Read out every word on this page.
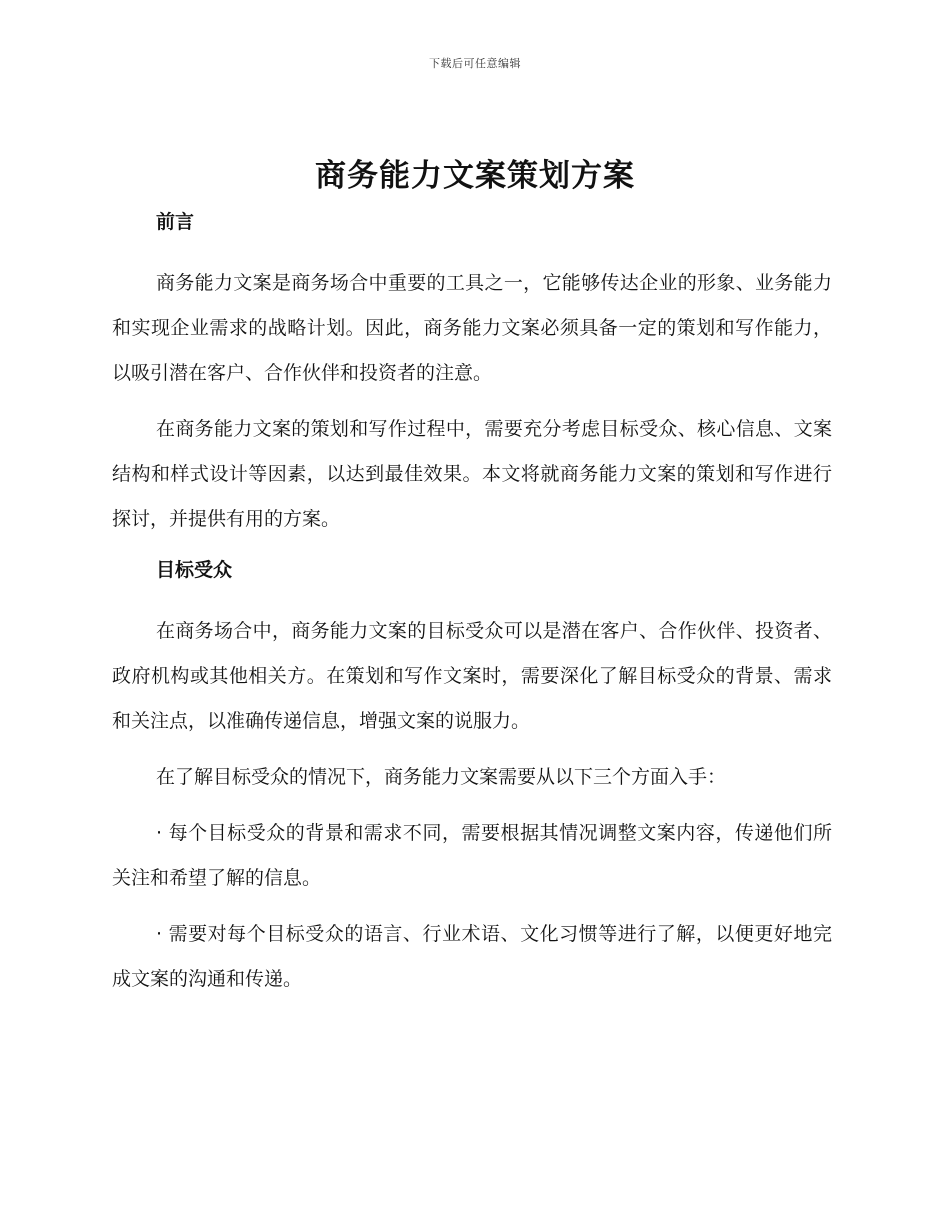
下载后可任意编辑
商务能力文案策划方案
前言

商务能力文案是商务场合中重要的工具之一，它能够传达企业的形象、业务能力和实现企业需求的战略计划。因此，商务能力文案必须具备一定的策划和写作能力，以吸引潜在客户、合作伙伴和投资者的注意。

在商务能力文案的策划和写作过程中，需要充分考虑目标受众、核心信息、文案结构和样式设计等因素，以达到最佳效果。本文将就商务能力文案的策划和写作进行探讨，并提供有用的方案。

目标受众

在商务场合中，商务能力文案的目标受众可以是潜在客户、合作伙伴、投资者、政府机构或其他相关方。在策划和写作文案时，需要深化了解目标受众的背景、需求和关注点，以准确传递信息，增强文案的说服力。

在了解目标受众的情况下，商务能力文案需要从以下三个方面入手：

· 每个目标受众的背景和需求不同，需要根据其情况调整文案内容，传递他们所关注和希望了解的信息。

· 需要对每个目标受众的语言、行业术语、文化习惯等进行了解，以便更好地完成文案的沟通和传递。
